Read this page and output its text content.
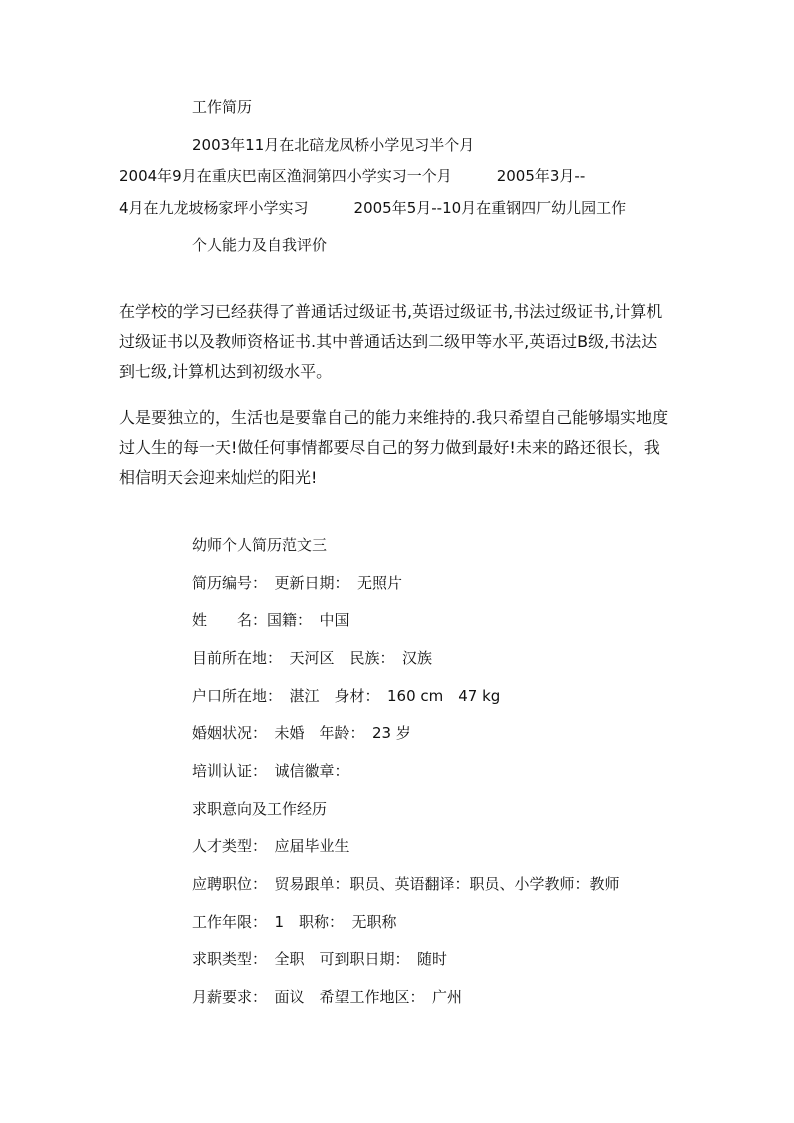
工作简历
2003年11月在北碚龙凤桥小学见习半个月
2004年9月在重庆巴南区渔洞第四小学实习一个月　　　2005年3月--
4月在九龙坡杨家坪小学实习　　　2005年5月--10月在重钢四厂幼儿园工作
个人能力及自我评价
在学校的学习已经获得了普通话过级证书,英语过级证书,书法过级证书,计算机
过级证书以及教师资格证书.其中普通话达到二级甲等水平,英语过B级,书法达
到七级,计算机达到初级水平。
人是要独立的，生活也是要靠自己的能力来维持的.我只希望自己能够塌实地度
过人生的每一天!做任何事情都要尽自己的努力做到最好!未来的路还很长，我
相信明天会迎来灿烂的阳光!
幼师个人简历范文三
简历编号：　更新日期：　无照片
姓　　名：国籍：　中国
目前所在地：　天河区　民族：　汉族
户口所在地：　湛江　身材：　160 cm　47 kg
婚姻状况：　未婚　年龄：　23 岁
培训认证：　诚信徽章：
求职意向及工作经历
人才类型：　应届毕业生
应聘职位：　贸易跟单：职员、英语翻译：职员、小学教师：教师
工作年限：　1　职称：　无职称
求职类型：　全职　可到职日期：　随时
月薪要求：　面议　希望工作地区：　广州
